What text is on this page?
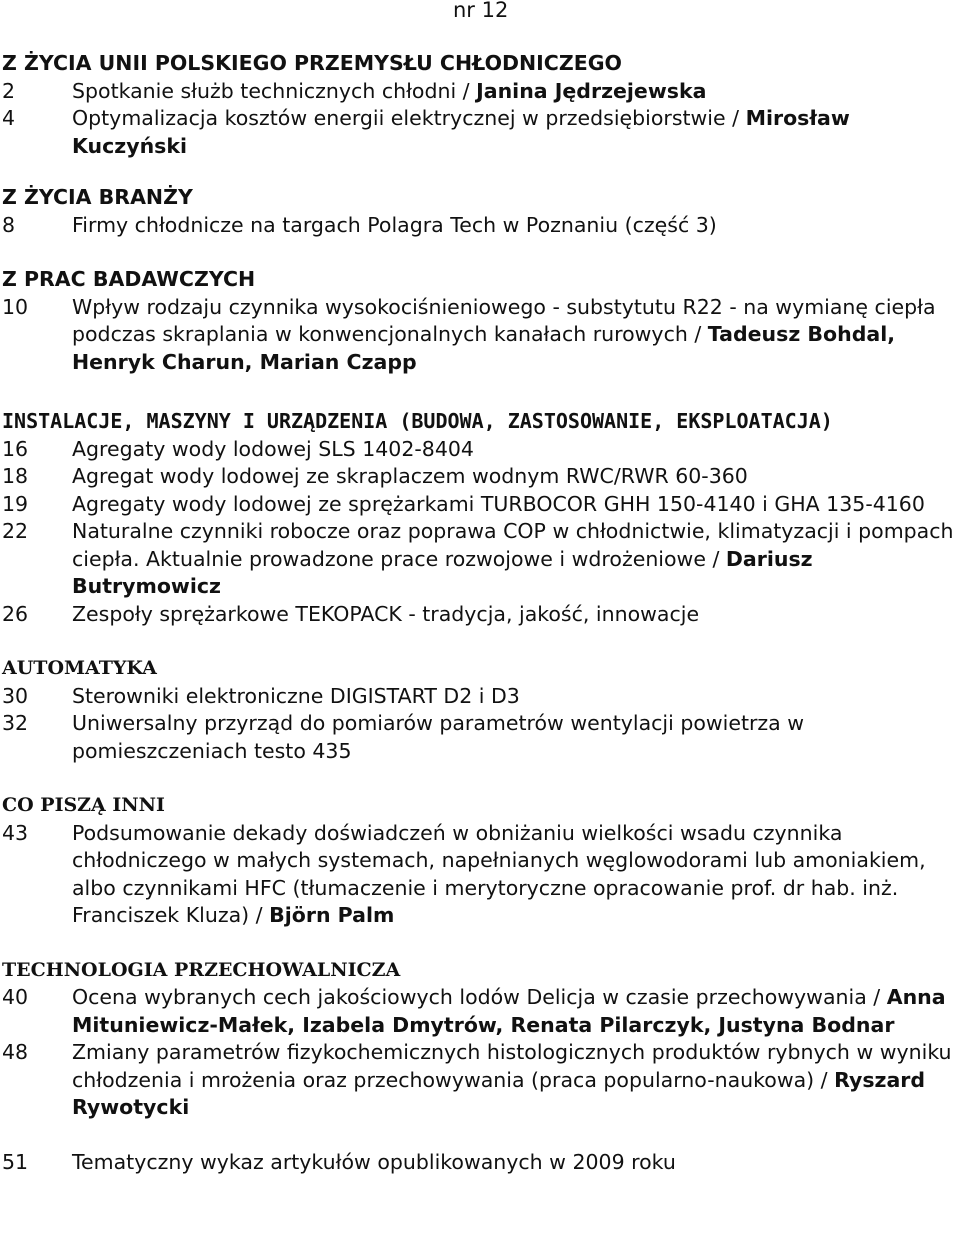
nr 12
Z ŻYCIA UNII POLSKIEGO PRZEMYSŁU CHŁODNICZEGO
2	Spotkanie służb technicznych chłodni / Janina Jędrzejewska
4	Optymalizacja kosztów energii elektrycznej w przedsiębiorstwie / Mirosław Kuczyński
Z ŻYCIA BRANŻY
8	Firmy chłodnicze na targach Polagra Tech w Poznaniu (część 3)
Z PRAC BADAWCZYCH
10	Wpływ rodzaju czynnika wysokociśnieniowego - substytutu R22 - na wymianę ciepła podczas skraplania w konwencjonalnych kanałach rurowych / Tadeusz Bohdal, Henryk Charun, Marian Czapp
INSTALACJE, MASZYNY I URZĄDZENIA (BUDOWA, ZASTOSOWANIE, EKSPLOATACJA)
16	Agregaty wody lodowej SLS 1402-8404
18	Agregat wody lodowej ze skraplaczem wodnym RWC/RWR 60-360
19	Agregaty wody lodowej ze sprężarkami TURBOCOR GHH 150-4140 i GHA 135-4160
22	Naturalne czynniki robocze oraz poprawa COP w chłodnictwie, klimatyzacji i pompach ciepła. Aktualnie prowadzone prace rozwojowe i wdrożeniowe / Dariusz Butrymowicz
26	Zespoły sprężarkowe TEKOPACK - tradycja, jakość, innowacje
AUTOMATYKA
30	Sterowniki elektroniczne DIGISTART D2 i D3
32	Uniwersalny przyrząd do pomiarów parametrów wentylacji powietrza w pomieszczeniach testo 435
CO PISZĄ INNI
43	Podsumowanie dekady doświadczeń w obniżaniu wielkości wsadu czynnika chłodniczego w małych systemach, napełnianych węglowodorami lub amoniakiem, albo czynnikami HFC (tłumaczenie i merytoryczne opracowanie prof. dr hab. inż. Franciszek Kluza) / Björn Palm
TECHNOLOGIA PRZECHOWALNICZA
40	Ocena wybranych cech jakościowych lodów Delicja w czasie przechowywania / Anna Mituniewicz-Małek, Izabela Dmytrów, Renata Pilarczyk, Justyna Bodnar
48	Zmiany parametrów fizykochemicznych histologicznych produktów rybnych w wyniku chłodzenia i mrożenia oraz przechowywania (praca popularno-naukowa) / Ryszard Rywotycki
51	Tematyczny wykaz artykułów opublikowanych w 2009 roku
